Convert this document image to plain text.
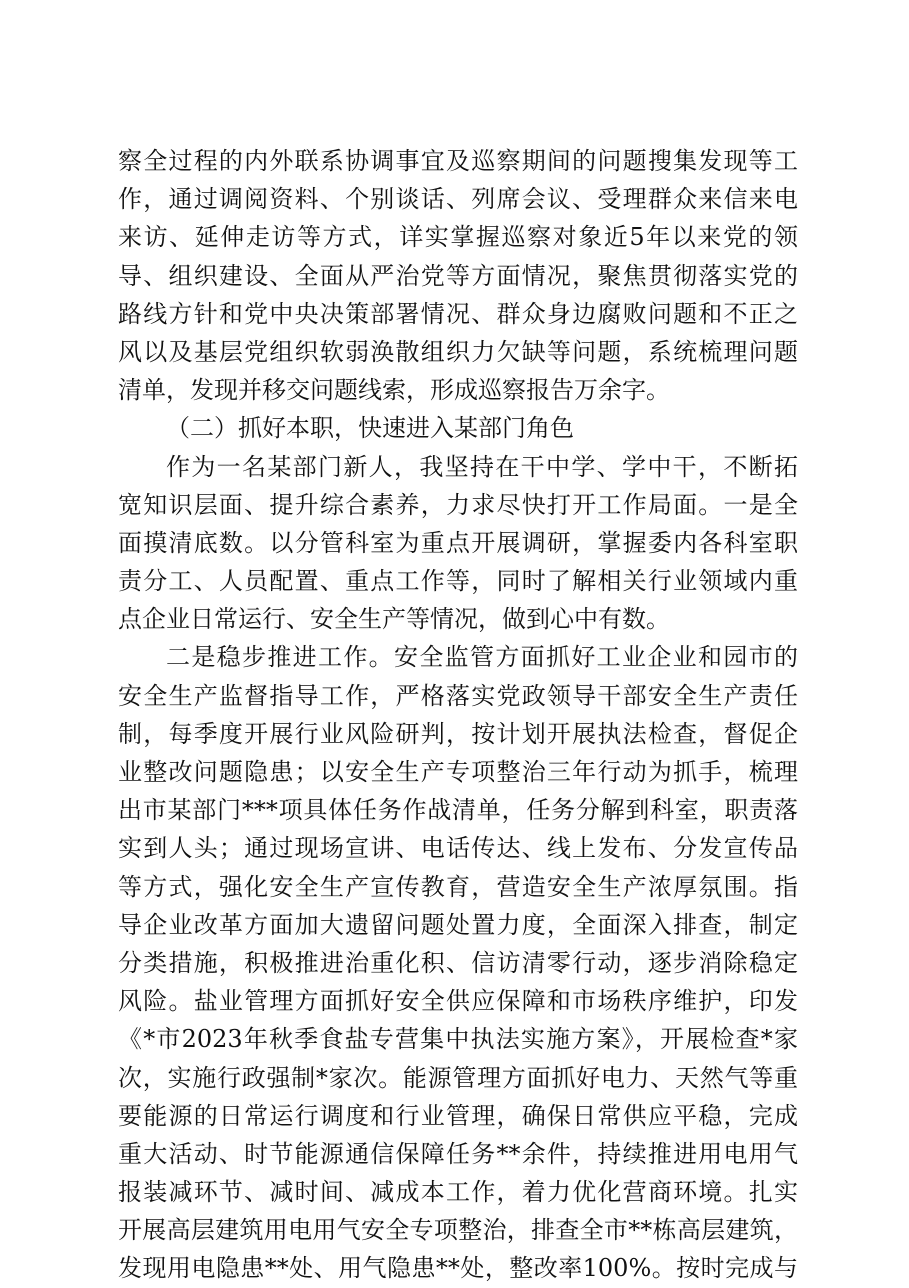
察全过程的内外联系协调事宜及巡察期间的问题搜集发现等工
作，通过调阅资料、个别谈话、列席会议、受理群众来信来电
来访、延伸走访等方式，详实掌握巡察对象近5年以来党的领
导、组织建设、全面从严治党等方面情况，聚焦贯彻落实党的
路线方针和党中央决策部署情况、群众身边腐败问题和不正之
风以及基层党组织软弱涣散组织力欠缺等问题，系统梳理问题
清单，发现并移交问题线索，形成巡察报告万余字。
（二）抓好本职，快速进入某部门角色
作为一名某部门新人，我坚持在干中学、学中干，不断拓
宽知识层面、提升综合素养，力求尽快打开工作局面。一是全
面摸清底数。以分管科室为重点开展调研，掌握委内各科室职
责分工、人员配置、重点工作等，同时了解相关行业领域内重
点企业日常运行、安全生产等情况，做到心中有数。
二是稳步推进工作。安全监管方面抓好工业企业和园市的
安全生产监督指导工作，严格落实党政领导干部安全生产责任
制，每季度开展行业风险研判，按计划开展执法检查，督促企
业整改问题隐患；以安全生产专项整治三年行动为抓手，梳理
出市某部门***项具体任务作战清单，任务分解到科室，职责落
实到人头；通过现场宣讲、电话传达、线上发布、分发宣传品
等方式，强化安全生产宣传教育，营造安全生产浓厚氛围。指
导企业改革方面加大遗留问题处置力度，全面深入排查，制定
分类措施，积极推进治重化积、信访清零行动，逐步消除稳定
风险。盐业管理方面抓好安全供应保障和市场秩序维护，印发
《*市2023年秋季食盐专营集中执法实施方案》，开展检查*家
次，实施行政强制*家次。能源管理方面抓好电力、天然气等重
要能源的日常运行调度和行业管理，确保日常供应平稳，完成
重大活动、时节能源通信保障任务**余件，持续推进用电用气
报装减环节、减时间、减成本工作，着力优化营商环境。扎实
开展高层建筑用电用气安全专项整治，排查全市**栋高层建筑，
发现用电隐患**处、用气隐患**处，整改率100%。按时完成与
